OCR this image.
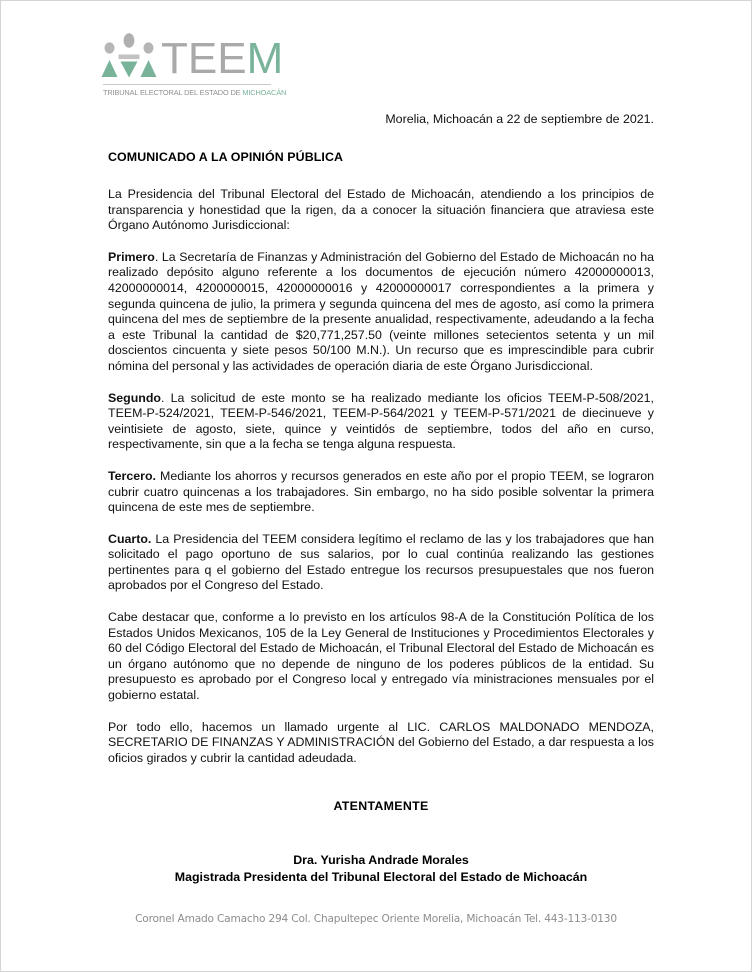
TEEM
TRIBUNAL ELECTORAL DEL ESTADO DE MICHOACÁN

Morelia, Michoacán a 22 de septiembre de 2021.

COMUNICADO A LA OPINIÓN PÚBLICA

La Presidencia del Tribunal Electoral del Estado de Michoacán, atendiendo a los principios de transparencia y honestidad que la rigen, da a conocer la situación financiera que atraviesa este Órgano Autónomo Jurisdiccional:

Primero. La Secretaría de Finanzas y Administración del Gobierno del Estado de Michoacán no ha realizado depósito alguno referente a los documentos de ejecución número 42000000013, 42000000014, 4200000015, 42000000016 y 42000000017 correspondientes a la primera y segunda quincena de julio, la primera y segunda quincena del mes de agosto, así como la primera quincena del mes de septiembre de la presente anualidad, respectivamente, adeudando a la fecha a este Tribunal la cantidad de $20,771,257.50 (veinte millones setecientos setenta y un mil doscientos cincuenta y siete pesos 50/100 M.N.). Un recurso que es imprescindible para cubrir nómina del personal y las actividades de operación diaria de este Órgano Jurisdiccional.

Segundo. La solicitud de este monto se ha realizado mediante los oficios TEEM-P-508/2021, TEEM-P-524/2021, TEEM-P-546/2021, TEEM-P-564/2021 y TEEM-P-571/2021 de diecinueve y veintisiete de agosto, siete, quince y veintidós de septiembre, todos del año en curso, respectivamente, sin que a la fecha se tenga alguna respuesta.

Tercero. Mediante los ahorros y recursos generados en este año por el propio TEEM, se lograron cubrir cuatro quincenas a los trabajadores. Sin embargo, no ha sido posible solventar la primera quincena de este mes de septiembre.

Cuarto. La Presidencia del TEEM considera legítimo el reclamo de las y los trabajadores que han solicitado el pago oportuno de sus salarios, por lo cual continúa realizando las gestiones pertinentes para q el gobierno del Estado entregue los recursos presupuestales que nos fueron aprobados por el Congreso del Estado.

Cabe destacar que, conforme a lo previsto en los artículos 98-A de la Constitución Política de los Estados Unidos Mexicanos, 105 de la Ley General de Instituciones y Procedimientos Electorales y 60 del Código Electoral del Estado de Michoacán, el Tribunal Electoral del Estado de Michoacán es un órgano autónomo que no depende de ninguno de los poderes públicos de la entidad. Su presupuesto es aprobado por el Congreso local y entregado vía ministraciones mensuales por el gobierno estatal.

Por todo ello, hacemos un llamado urgente al LIC. CARLOS MALDONADO MENDOZA, SECRETARIO DE FINANZAS Y ADMINISTRACIÓN del Gobierno del Estado, a dar respuesta a los oficios girados y cubrir la cantidad adeudada.

ATENTAMENTE

Dra. Yurisha Andrade Morales
Magistrada Presidenta del Tribunal Electoral del Estado de Michoacán
Coronel Amado Camacho 294 Col. Chapultepec Oriente Morelia, Michoacán Tel. 443-113-0130
